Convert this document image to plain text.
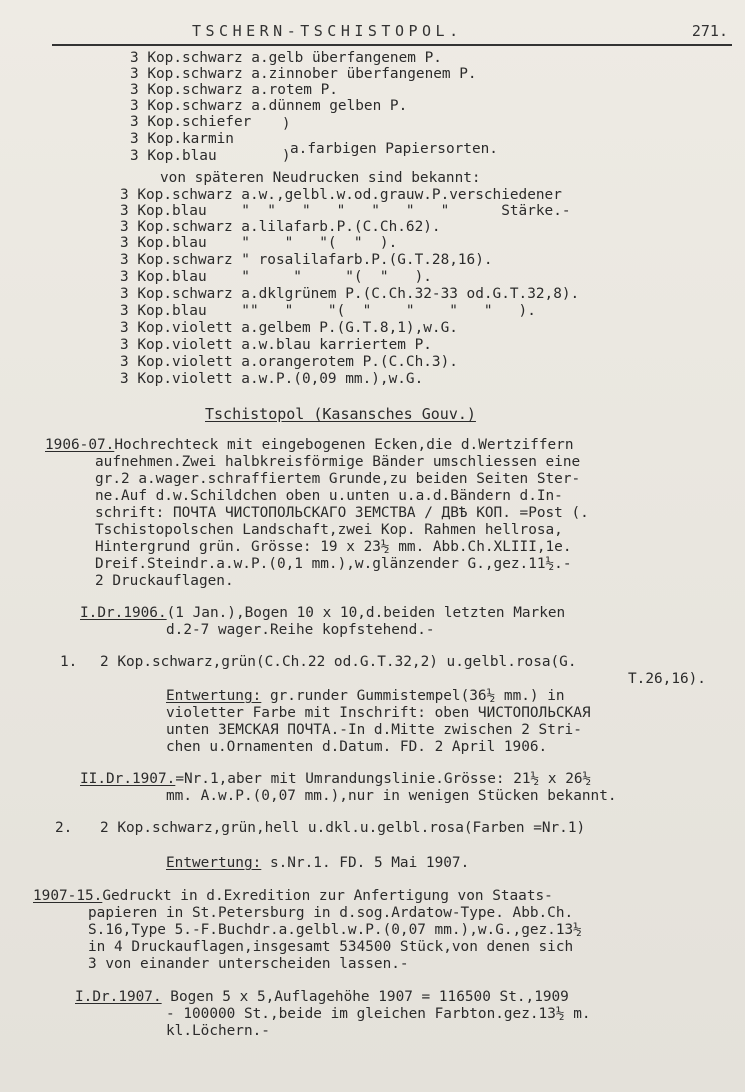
TSCHERN-TSCHISTOPOL.	271.
3 Kop.schwarz a.gelb überfangenem P.
3 Kop.schwarz a.zinnober überfangenem P.
3 Kop.schwarz a.rotem P.
3 Kop.schwarz a.dünnem gelben P.
3 Kop.schiefer
3 Kop.karmin
3 Kop.blau
)
) a.farbigen Papiersorten.
von späteren Neudrucken sind bekannt:
3 Kop.schwarz a.w.,gelbl.w.od.grauw.P.verschiedener
3 Kop.blau    "  "   "   "   "   "   "      Stärke.-
3 Kop.schwarz a.lilafarb.P.(C.Ch.62).
3 Kop.blau    "    "   "(  "  ).
3 Kop.schwarz " rosalilafarb.P.(G.T.28,16).
3 Kop.blau    "     "     "(  "   ).
3 Kop.schwarz a.dklgrünem P.(C.Ch.32-33 od.G.T.32,8).
3 Kop.blau    ""   "    "(  "    "    "   "   ).
3 Kop.violett a.gelbem P.(G.T.8,1),w.G.
3 Kop.violett a.w.blau karriertem P.
3 Kop.violett a.orangerotem P.(C.Ch.3).
3 Kop.violett a.w.P.(0,09 mm.),w.G.
Tschistopol (Kasansches Gouv.)
1906-07.Hochrechteck mit eingebogenen Ecken,die d.Wertziffern
aufnehmen.Zwei halbkreisförmige Bänder umschliessen eine
gr.2 a.wager.schraffiertem Grunde,zu beiden Seiten Ster-
ne.Auf d.w.Schildchen oben u.unten u.a.d.Bändern d.In-
schrift: ПОЧТА ЧИСТОПОЛЬСКАГО ЗЕМСТВА / ДВѢ КОП. =Post (.
Tschistopolschen Landschaft,zwei Kop. Rahmen hellrosa,
Hintergrund grün. Grösse: 19 x 23½ mm. Abb.Ch.XLIII,1e.
Dreif.Steindr.a.w.P.(0,1 mm.),w.glänzender G.,gez.11½.-
2 Druckauflagen.
I.Dr.1906.(1 Jan.),Bogen 10 x 10,d.beiden letzten Marken
d.2-7 wager.Reihe kopfstehend.-
1. 2 Kop.schwarz,grün(C.Ch.22 od.G.T.32,2) u.gelbl.rosa(G.
T.26,16).
Entwertung: gr.runder Gummistempel(36½ mm.) in
violetter Farbe mit Inschrift: oben ЧИСТОПОЛЬСКАЯ
unten ЗЕМСКАЯ ПОЧТА.-In d.Mitte zwischen 2 Stri-
chen u.Ornamenten d.Datum. FD. 2 April 1906.
II.Dr.1907.=Nr.1,aber mit Umrandungslinie.Grösse: 21½ x 26½
mm. A.w.P.(0,07 mm.),nur in wenigen Stücken bekannt.
2. 2 Kop.schwarz,grün,hell u.dkl.u.gelbl.rosa(Farben =Nr.1)
Entwertung: s.Nr.1. FD. 5 Mai 1907.
1907-15.Gedruckt in d.Exredition zur Anfertigung von Staats-
papieren in St.Petersburg in d.sog.Ardatow-Type. Abb.Ch.
S.16,Type 5.-F.Buchdr.a.gelbl.w.P.(0,07 mm.),w.G.,gez.13½
in 4 Druckauflagen,insgesamt 534500 Stück,von denen sich
3 von einander unterscheiden lassen.-
I.Dr.1907. Bogen 5 x 5,Auflagehöhe 1907 = 116500 St.,1909
- 100000 St.,beide im gleichen Farbton.gez.13½ m.
kl.Löchern.-
